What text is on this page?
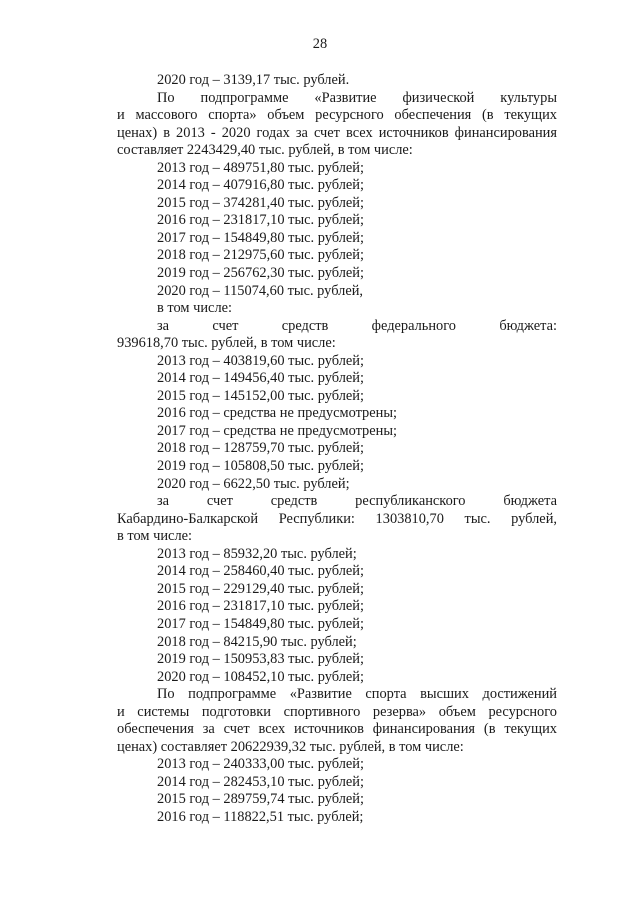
28
2020 год – 3139,17 тыс. рублей.
По подпрограмме «Развитие физической культуры
и массового спорта» объем ресурсного обеспечения (в текущих
ценах) в 2013 - 2020 годах за счет всех источников финансирования
составляет 2243429,40 тыс. рублей, в том числе:
2013 год – 489751,80 тыс. рублей;
2014 год – 407916,80 тыс. рублей;
2015 год – 374281,40 тыс. рублей;
2016 год – 231817,10 тыс. рублей;
2017 год – 154849,80 тыс. рублей;
2018 год – 212975,60 тыс. рублей;
2019 год – 256762,30 тыс. рублей;
2020 год – 115074,60 тыс. рублей,
в том числе:
за счет средств федерального бюджета:
939618,70 тыс. рублей, в том числе:
2013 год – 403819,60 тыс. рублей;
2014 год – 149456,40 тыс. рублей;
2015 год – 145152,00 тыс. рублей;
2016 год – средства не предусмотрены;
2017 год – средства не предусмотрены;
2018 год – 128759,70 тыс. рублей;
2019 год – 105808,50 тыс. рублей;
2020 год – 6622,50 тыс. рублей;
за счет средств республиканского бюджета
Кабардино-Балкарской Республики: 1303810,70 тыс. рублей,
в том числе:
2013 год – 85932,20 тыс. рублей;
2014 год – 258460,40 тыс. рублей;
2015 год – 229129,40 тыс. рублей;
2016 год – 231817,10 тыс. рублей;
2017 год – 154849,80 тыс. рублей;
2018 год – 84215,90 тыс. рублей;
2019 год – 150953,83 тыс. рублей;
2020 год – 108452,10 тыс. рублей;
По подпрограмме «Развитие спорта высших достижений
и системы подготовки спортивного резерва» объем ресурсного
обеспечения за счет всех источников финансирования (в текущих
ценах) составляет 20622939,32 тыс. рублей, в том числе:
2013 год – 240333,00 тыс. рублей;
2014 год – 282453,10 тыс. рублей;
2015 год – 289759,74 тыс. рублей;
2016 год – 118822,51 тыс. рублей;
